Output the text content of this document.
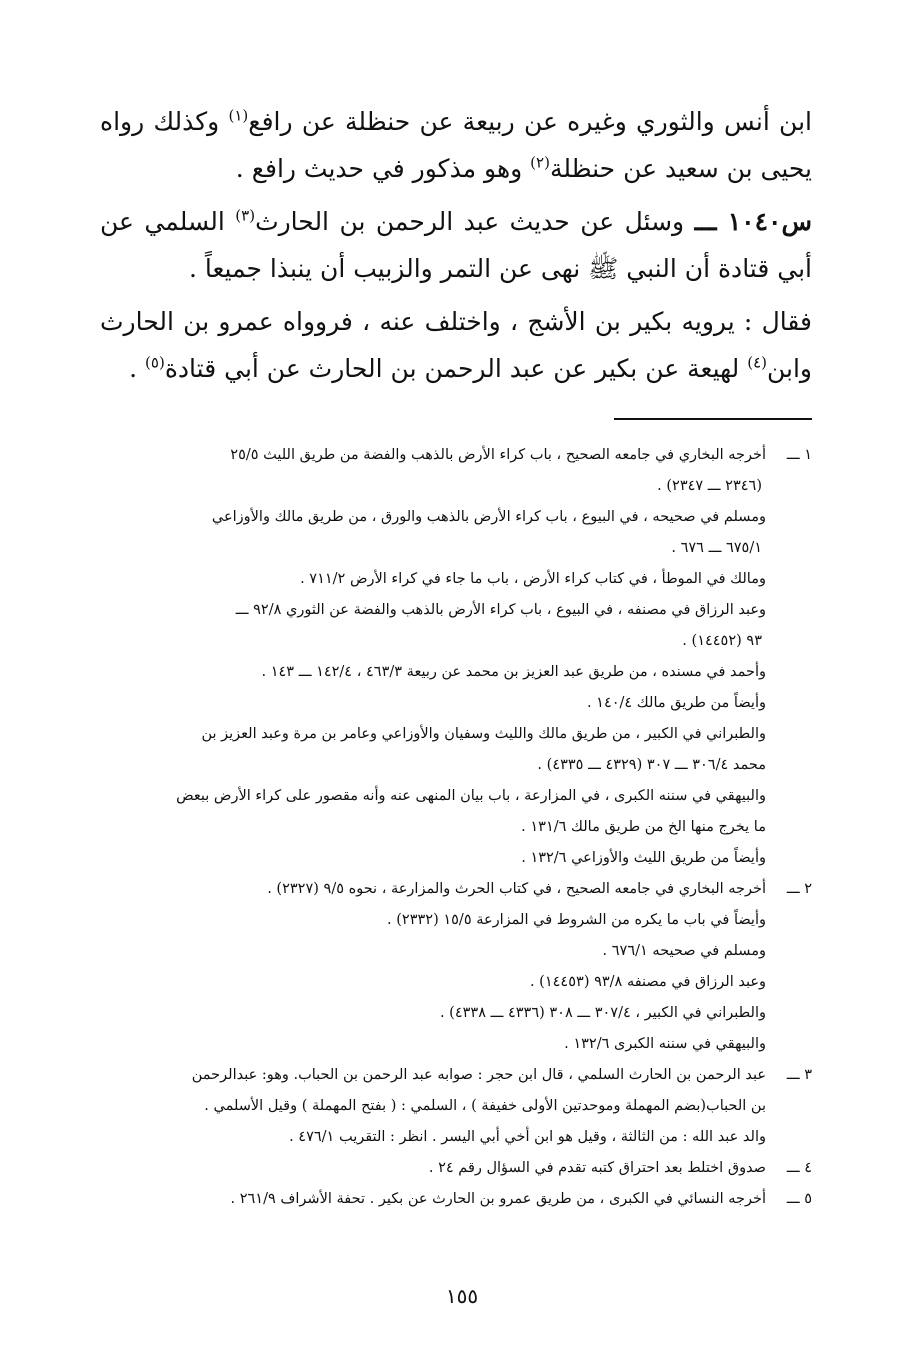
ابن أنس والثوري وغيره عن ربيعة عن حنظلة عن رافع$^{(١)}$ وكذلك رواه يحيى بن سعيد عن حنظلة$^{(٢)}$ وهو مذكور في حديث رافع .

س١٠٤٠ ـــ وسئل عن حديث عبد الرحمن بن الحارث$^{(٣)}$ السلمي عن أبي قتادة أن النبي ﷺ نهى عن التمر والزبيب أن ينبذا جميعاً .

فقال : يرويه بكير بن الأشج ، واختلف عنه ، فروواه عمرو بن الحارث وابن$^{(٤)}$ لهيعة عن بكير عن عبد الرحمن بن الحارث عن أبي قتادة$^{(٥)}$ .

١ ـــ
أخرجه البخاري في جامعه الصحيح ، باب كراء الأرض بالذهب والفضة من طريق الليث ٢٥/٥
(٢٣٤٦ ـــ ٢٣٤٧) .
ومسلم في صحيحه ، في البيوع ، باب كراء الأرض بالذهب والورق ، من طريق مالك والأوزاعي
٦٧٥/١ ـــ ٦٧٦ .
ومالك في الموطأ ، في كتاب كراء الأرض ، باب ما جاء في كراء الأرض ٧١١/٢ .
وعبد الرزاق في مصنفه ، في البيوع ، باب كراء الأرض بالذهب والفضة عن الثوري ٩٢/٨ ـــ
٩٣ (١٤٤٥٢) .
وأحمد في مسنده ، من طريق عبد العزيز بن محمد عن ربيعة ٤٦٣/٣ ، ١٤٢/٤ ـــ ١٤٣ .
وأيضاً من طريق مالك ١٤٠/٤ .
والطبراني في الكبير ، من طريق مالك والليث وسفيان والأوزاعي وعامر بن مرة وعبد العزيز بن
محمد ٣٠٦/٤ ـــ ٣٠٧ (٤٣٢٩ ـــ ٤٣٣٥) .
والبيهقي في سننه الكبرى ، في المزارعة ، باب بيان المنهى عنه وأنه مقصور على كراء الأرض ببعض
ما يخرج منها الخ من طريق مالك ١٣١/٦ .
وأيضاً من طريق الليث والأوزاعي ١٣٢/٦ .
٢ ـــ
أخرجه البخاري في جامعه الصحيح ، في كتاب الحرث والمزارعة ، نحوه ٩/٥ (٢٣٢٧) .
وأيضاً في باب ما يكره من الشروط في المزارعة ١٥/٥ (٢٣٣٢) .
ومسلم في صحيحه ٦٧٦/١ .
وعبد الرزاق في مصنفه ٩٣/٨ (١٤٤٥٣) .
والطبراني في الكبير ، ٣٠٧/٤ ـــ ٣٠٨ (٤٣٣٦ ـــ ٤٣٣٨) .
والبيهقي في سننه الكبرى ١٣٢/٦ .
٣ ـــ
عبد الرحمن بن الحارث السلمي ، قال ابن حجر : صوابه عبد الرحمن بن الحباب. وهو: عبدالرحمن
بن الحباب(بضم المهملة وموحدتين الأولى خفيفة ) ، السلمي : ( بفتح المهملة ) وقيل الأسلمي .
والد عبد الله : من الثالثة ، وقيل هو ابن أخي أبي اليسر . انظر : التقريب ٤٧٦/١ .
٤ ـــ
صدوق اختلط بعد احتراق كتبه تقدم في السؤال رقم ٢٤ .
٥ ـــ
أخرجه النسائي في الكبرى ، من طريق عمرو بن الحارث عن بكير . تحفة الأشراف ٢٦١/٩ .
١٥٥
